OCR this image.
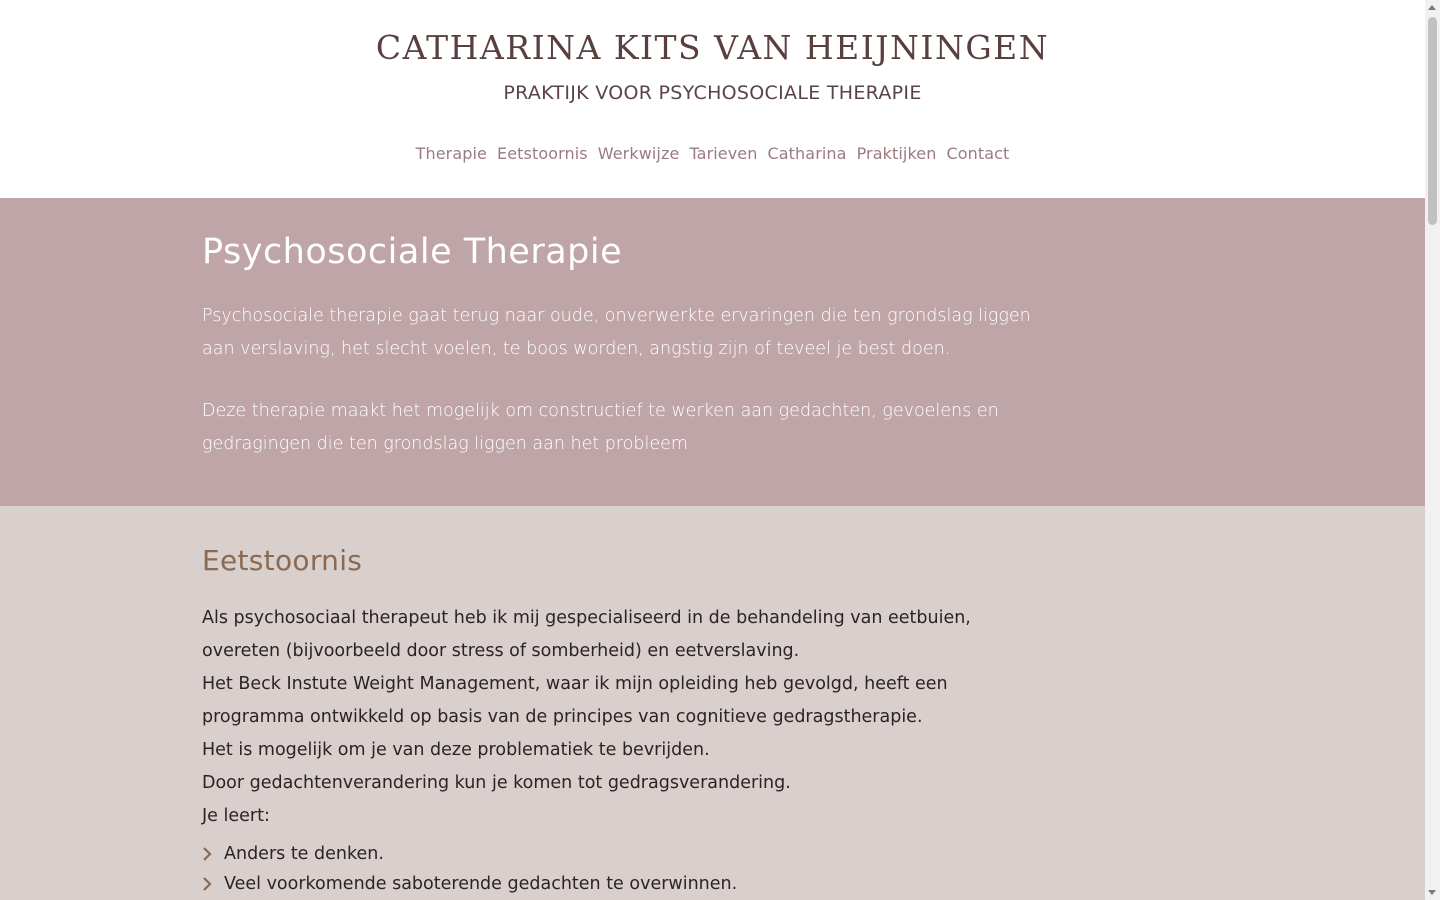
CATHARINA KITS VAN HEIJNINGEN
PRAKTIJK VOOR PSYCHOSOCIALE THERAPIE
Therapie Eetstoornis Werkwijze Tarieven Catharina Praktijken Contact
Psychosociale Therapie

Psychosociale therapie gaat terug naar oude, onverwerkte ervaringen die ten grondslag liggen
aan verslaving, het slecht voelen, te boos worden, angstig zijn of teveel je best doen.

Deze therapie maakt het mogelijk om constructief te werken aan gedachten, gevoelens en
gedragingen die ten grondslag liggen aan het probleem

Eetstoornis
Als psychosociaal therapeut heb ik mij gespecialiseerd in de behandeling van eetbuien,
overeten (bijvoorbeeld door stress of somberheid) en eetverslaving.
Het Beck Instute Weight Management, waar ik mijn opleiding heb gevolgd, heeft een
programma ontwikkeld op basis van de principes van cognitieve gedragstherapie.
Het is mogelijk om je van deze problematiek te bevrijden.
Door gedachtenverandering kun je komen tot gedragsverandering.
Je leert:
Anders te denken.
Veel voorkomende saboterende gedachten te overwinnen.
